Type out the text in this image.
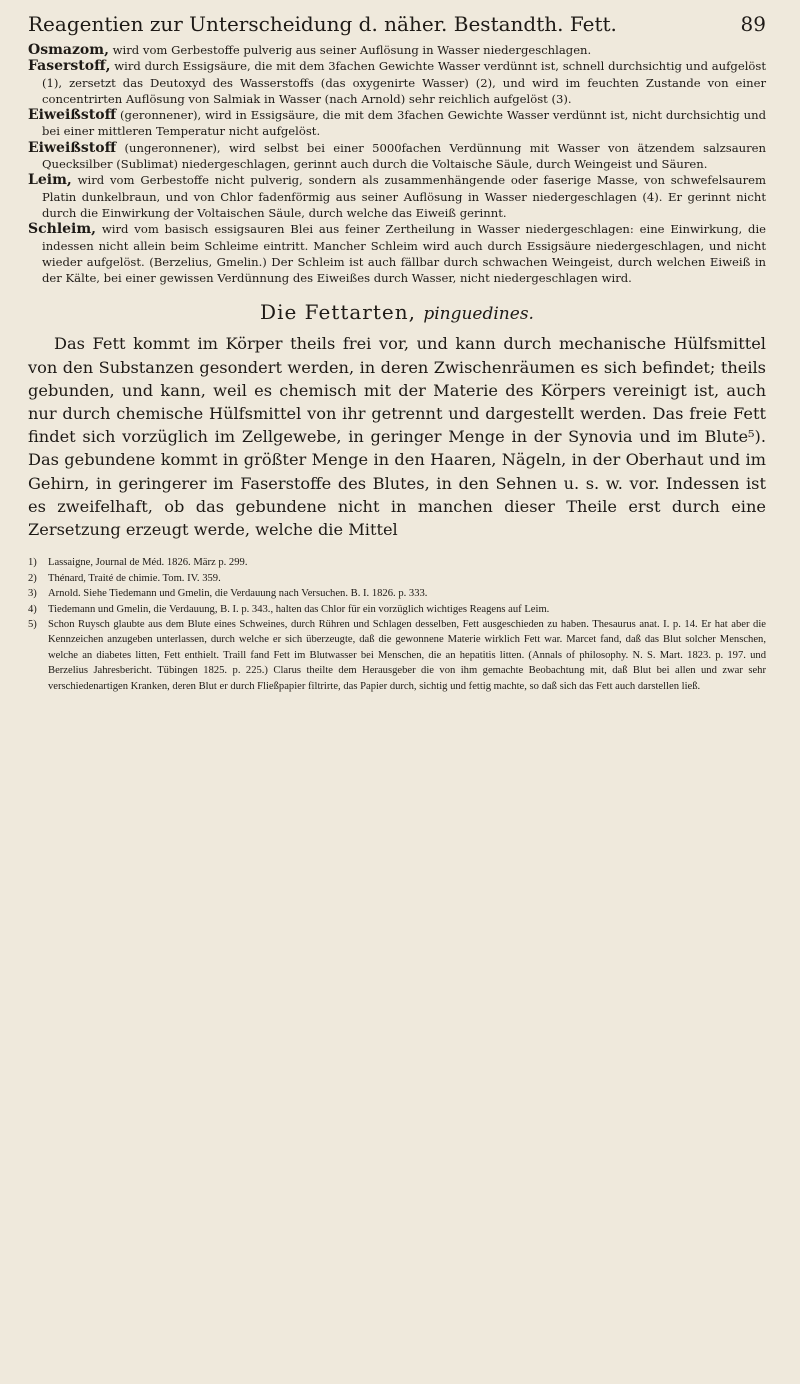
Reagentien zur Unterscheidung d. näher. Bestandth. Fett.	89

Osmazom, wird vom Gerbestoffe pulverig aus seiner Auflösung in Wasser niedergeschlagen.

Faserstoff, wird durch Essigsäure, die mit dem 3fachen Gewichte Wasser verdünnt ist, schnell durchsichtig und aufgelöst (1), zersetzt das Deutoxyd des Wasserstoffs (das oxygenirte Wasser) (2), und wird im feuchten Zustande von einer concentrirten Auflösung von Salmiak in Wasser (nach Arnold) sehr reichlich aufgelöst (3).

Eiweißstoff (geronnener), wird in Essigsäure, die mit dem 3fachen Gewichte Wasser verdünnt ist, nicht durchsichtig und bei einer mittleren Temperatur nicht aufgelöst.

Eiweißstoff (ungeronnener), wird selbst bei einer 5000fachen Verdünnung mit Wasser von ätzendem salzsauren Quecksilber (Sublimat) niedergeschlagen, gerinnt auch durch die Voltaische Säule, durch Weingeist und Säuren.

Leim, wird vom Gerbestoffe nicht pulverig, sondern als zusammenhängende oder faserige Masse, von schwefelsaurem Platin dunkelbraun, und von Chlor fadenförmig aus seiner Auflösung in Wasser niedergeschlagen (4). Er gerinnt nicht durch die Einwirkung der Voltaischen Säule, durch welche das Eiweiß gerinnt.

Schleim, wird vom basisch essigsauren Blei aus feiner Zertheilung in Wasser niedergeschlagen: eine Einwirkung, die indessen nicht allein beim Schleime eintritt. Mancher Schleim wird auch durch Essigsäure niedergeschlagen, und nicht wieder aufgelöst. (Berzelius, Gmelin.) Der Schleim ist auch fällbar durch schwachen Weingeist, durch welchen Eiweiß in der Kälte, bei einer gewissen Verdünnung des Eiweißes durch Wasser, nicht niedergeschlagen wird.

Die Fettarten, pinguedines.

Das Fett kommt im Körper theils frei vor, und kann durch mechanische Hülfsmittel von den Substanzen gesondert werden, in deren Zwischenräumen es sich befindet; theils gebunden, und kann, weil es chemisch mit der Materie des Körpers vereinigt ist, auch nur durch chemische Hülfsmittel von ihr getrennt und dargestellt werden. Das freie Fett findet sich vorzüglich im Zellgewebe, in geringer Menge in der Synovia und im Blute⁵). Das gebundene kommt in größter Menge in den Haaren, Nägeln, in der Oberhaut und im Gehirn, in geringerer im Faserstoffe des Blutes, in den Sehnen u. s. w. vor. Indessen ist es zweifelhaft, ob das gebundene nicht in manchen dieser Theile erst durch eine Zersetzung erzeugt werde, welche die Mittel

1)	Lassaigne, Journal de Méd. 1826. März p. 299.
2)	Thénard, Traité de chimie. Tom. IV. 359.
3)	Arnold. Siehe Tiedemann und Gmelin, die Verdauung nach Versuchen. B. I. 1826. p. 333.
4)	Tiedemann und Gmelin, die Verdauung, B. I. p. 343., halten das Chlor für ein vorzüglich wichtiges Reagens auf Leim.
5)	Schon Ruysch glaubte aus dem Blute eines Schweines, durch Rühren und Schlagen desselben, Fett ausgeschieden zu haben. Thesaurus anat. I. p. 14. Er hat aber die Kennzeichen anzugeben unterlassen, durch welche er sich überzeugte, daß die gewonnene Materie wirklich Fett war. Marcet fand, daß das Blut solcher Menschen, welche an diabetes litten, Fett enthielt. Traill fand Fett im Blutwasser bei Menschen, die an hepatitis litten. (Annals of philosophy. N. S. Mart. 1823. p. 197. und Berzelius Jahresbericht. Tübingen 1825. p. 225.) Clarus theilte dem Herausgeber die von ihm gemachte Beobachtung mit, daß Blut bei allen und zwar sehr verschiedenartigen Kranken, deren Blut er durch Fließpapier filtrirte, das Papier durch, sichtig und fettig machte, so daß sich das Fett auch darstellen ließ.
